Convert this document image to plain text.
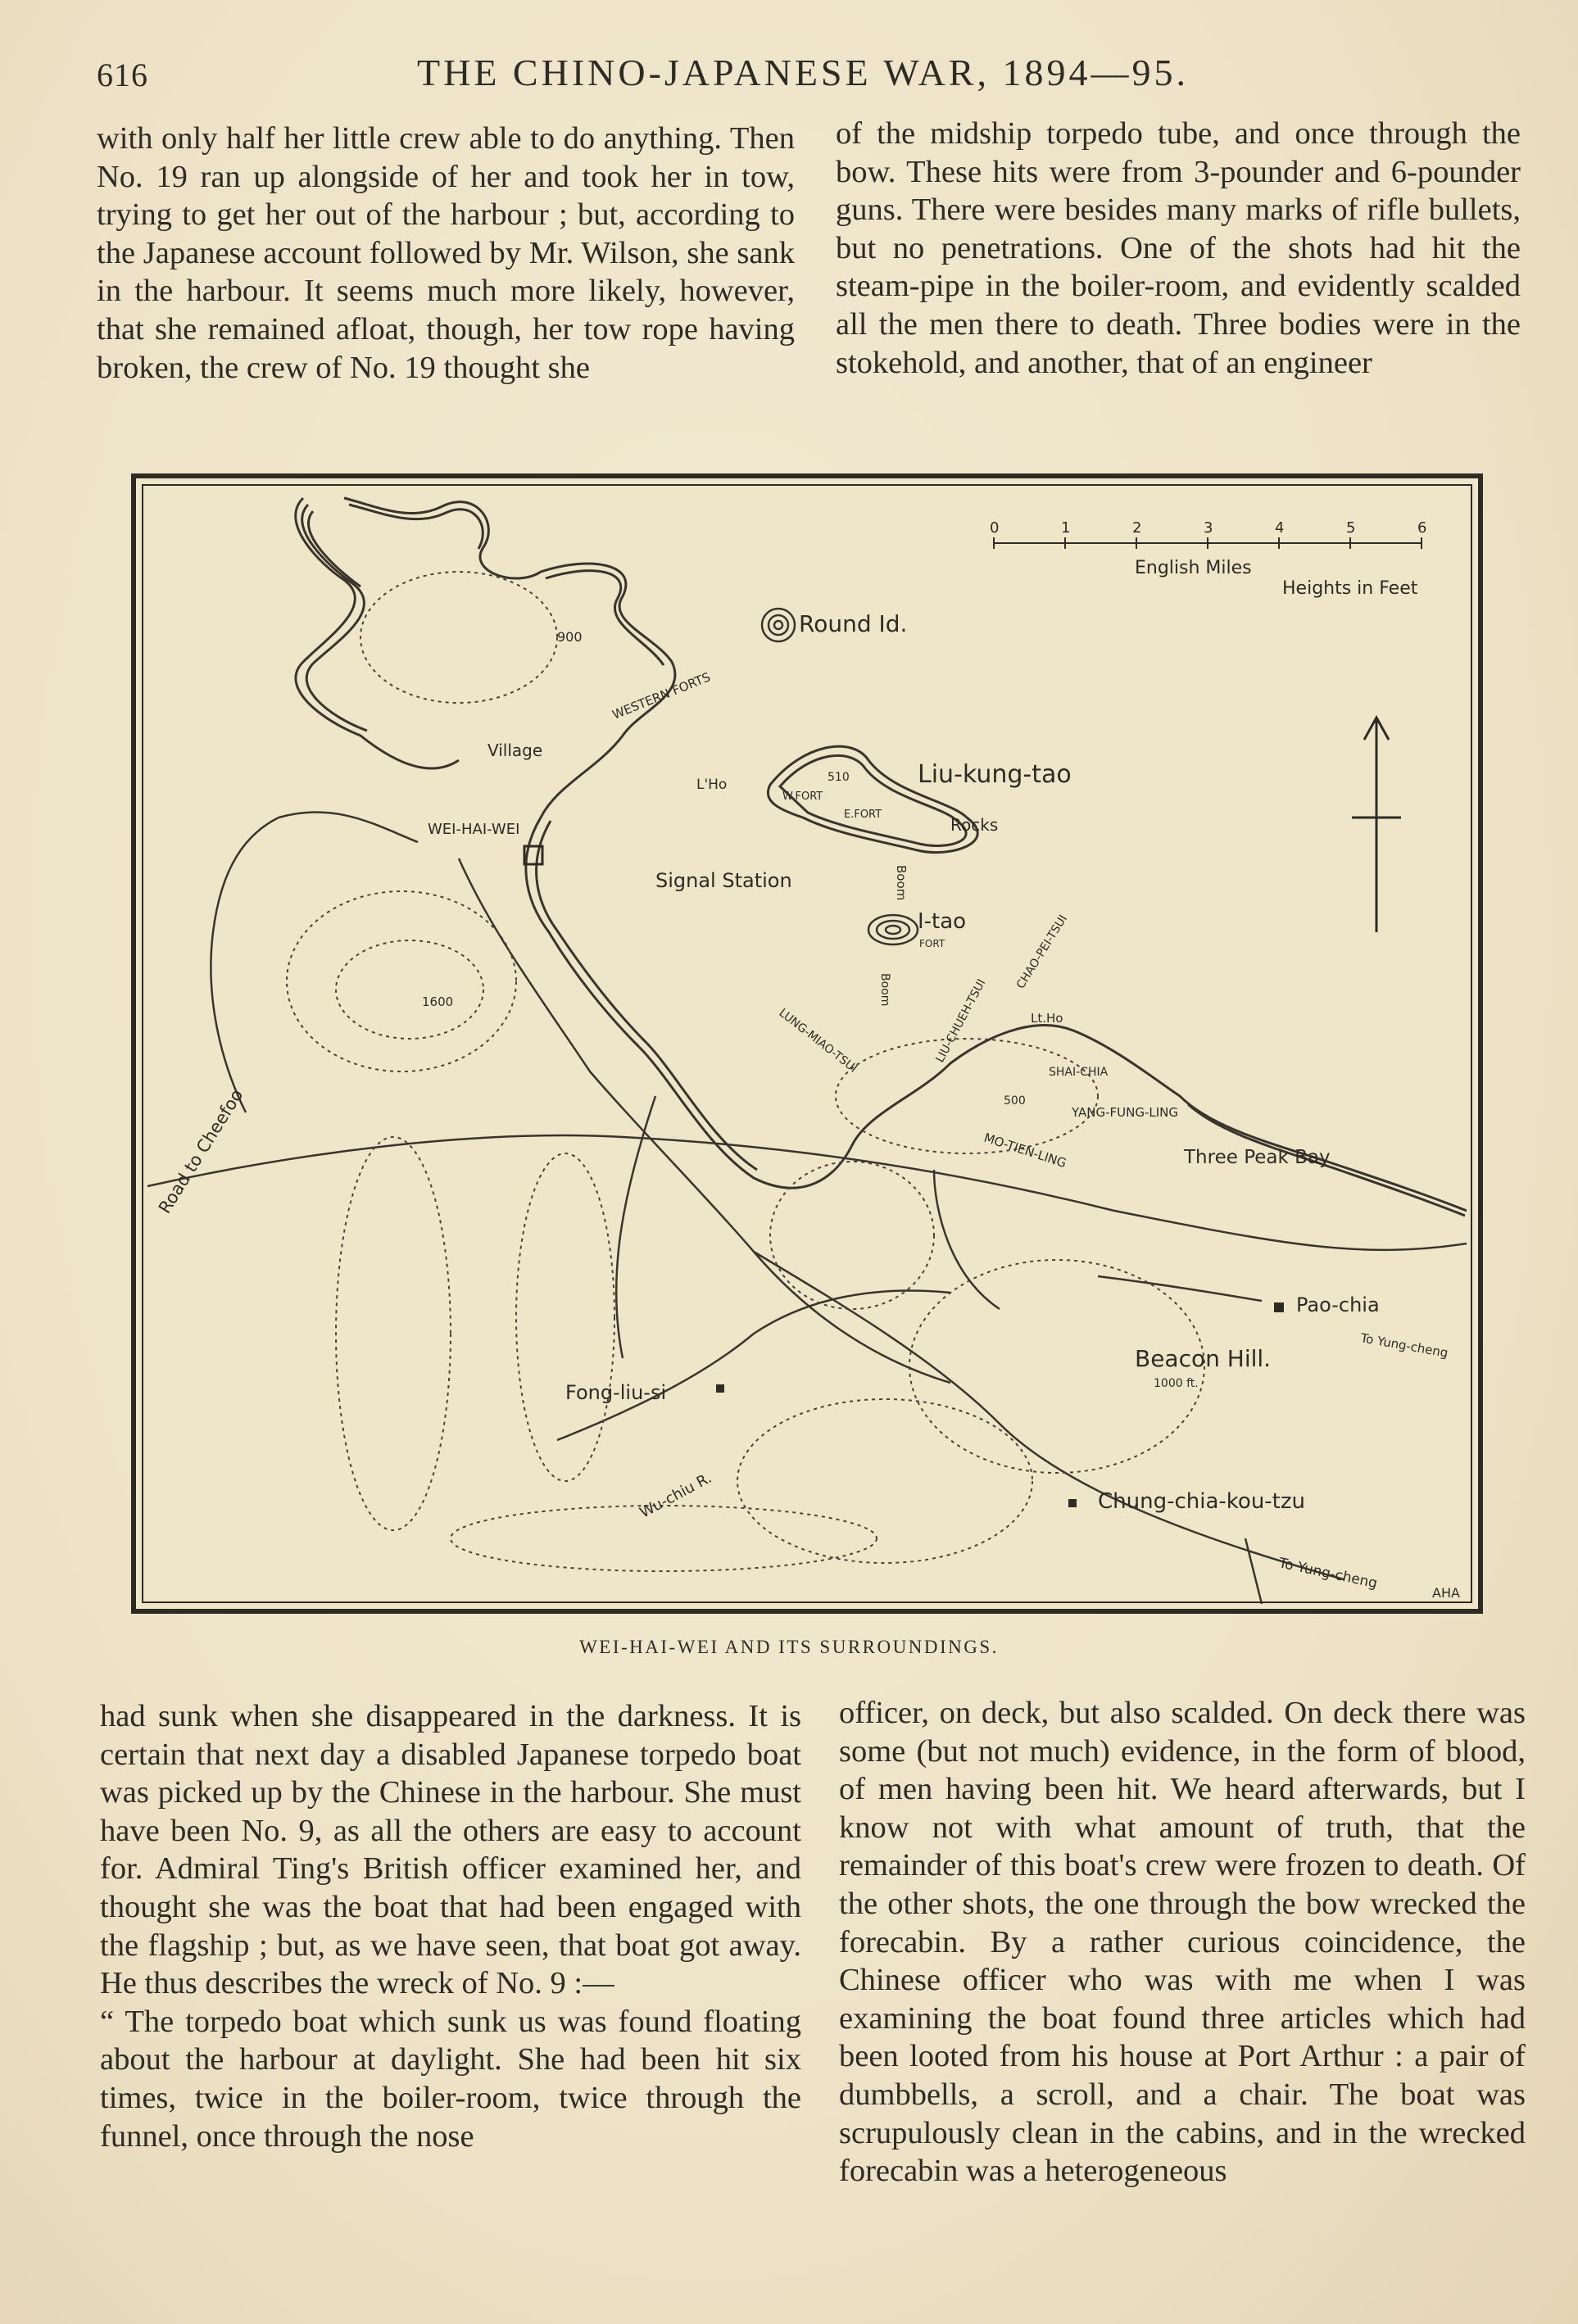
616	THE CHINO-JAPANESE WAR, 1894—95.

with only half her little crew able to do anything. Then No. 19 ran up alongside of her and took her in tow, trying to get her out of the harbour ; but, according to the Japanese account followed by Mr. Wilson, she sank in the harbour. It seems much more likely, however, that she remained afloat, though, her tow rope having broken, the crew of No. 19 thought she

of the midship torpedo tube, and once through the bow. These hits were from 3-pounder and 6-pounder guns. There were besides many marks of rifle bullets, but no penetrations. One of the shots had hit the steam-pipe in the boiler-room, and evidently scalded all the men there to death. Three bodies were in the stokehold, and another, that of an engineer

0	1	2	3	4	5	6
English Miles
Heights in Feet
Round Id.
900
Village
WESTERN FORTS
L'Ho
W.FORT
E.FORT
510	Liu-kung-tao
Rocks
WEI-HAI-WEI
Signal Station	Boom
I-tao
FORT
Boom	CHAO-PEI-TSUI
LIU-CHUEH-TSUI
LUNG-MIAO-TSUI
1600
Lt.Ho
SHAI-CHIA
500
YANG-FUNG-LING
MO-TIEN-LING	Three Peak Bay
Road to Cheefoo
Pao-chia
To Yung-cheng
Beacon Hill.
1000 ft.
Fong-liu-si
Wu-chiu R.	Chung-chia-kou-tzu
To Yung-cheng
AHA
WEI-HAI-WEI AND ITS SURROUNDINGS.

had sunk when she disappeared in the darkness. It is certain that next day a disabled Japanese torpedo boat was picked up by the Chinese in the harbour. She must have been No. 9, as all the others are easy to account for. Admiral Ting's British officer examined her, and thought she was the boat that had been engaged with the flagship ; but, as we have seen, that boat got away. He thus describes the wreck of No. 9 :—

“ The torpedo boat which sunk us was found floating about the harbour at daylight. She had been hit six times, twice in the boiler-room, twice through the funnel, once through the nose

officer, on deck, but also scalded. On deck there was some (but not much) evidence, in the form of blood, of men having been hit. We heard afterwards, but I know not with what amount of truth, that the remainder of this boat's crew were frozen to death. Of the other shots, the one through the bow wrecked the forecabin. By a rather curious coincidence, the Chinese officer who was with me when I was examining the boat found three articles which had been looted from his house at Port Arthur : a pair of dumbbells, a scroll, and a chair. The boat was scrupulously clean in the cabins, and in the wrecked forecabin was a heterogeneous
